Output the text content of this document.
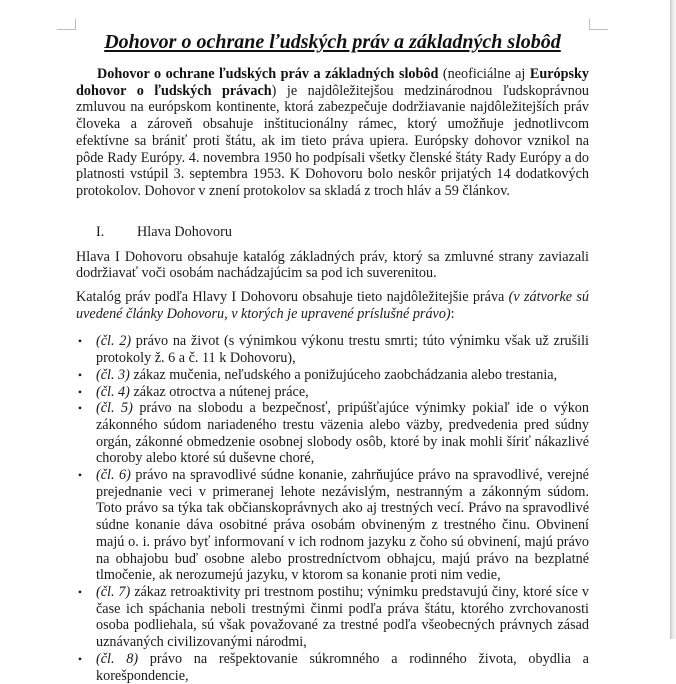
Dohovor o ochrane ľudských práv a základných slobôd

Dohovor o ochrane ľudských práv a základných slobôd (neoficiálne aj Európsky dohovor o ľudských právach) je najdôležitejšou medzinárodnou ľudskoprávnou zmluvou na európskom kontinente, ktorá zabezpečuje dodržiavanie najdôležitejších práv človeka a zároveň obsahuje inštitucionálny rámec, ktorý umožňuje jednotlivcom efektívne sa brániť proti štátu, ak im tieto práva upiera. Európsky dohovor vznikol na pôde Rady Európy. 4. novembra 1950 ho podpísali všetky členské štáty Rady Európy a do platnosti vstúpil 3. septembra 1953. K Dohovoru bolo neskôr prijatých 14 dodatkových protokolov. Dohovor v znení protokolov sa skladá z troch hláv a 59 článkov.

I. Hlava Dohovoru

Hlava I Dohovoru obsahuje katalóg základných práv, ktorý sa zmluvné strany zaviazali dodržiavať voči osobám nachádzajúcim sa pod ich suverenitou.

Katalóg práv podľa Hlavy I Dohovoru obsahuje tieto najdôležitejšie práva (v zátvorke sú uvedené články Dohovoru, v ktorých je upravené príslušné právo):

• (čl. 2) právo na život (s výnimkou výkonu trestu smrti; túto výnimku však už zrušili protokoly ž. 6 a č. 11 k Dohovoru),
• (čl. 3) zákaz mučenia, neľudského a ponižujúceho zaobchádzania alebo trestania,
• (čl. 4) zákaz otroctva a nútenej práce,
• (čl. 5) právo na slobodu a bezpečnosť, pripúšťajúce výnimky pokiaľ ide o výkon zákonného súdom nariadeného trestu väzenia alebo väzby, predvedenia pred súdny orgán, zákonné obmedzenie osobnej slobody osôb, ktoré by inak mohli šíriť nákazlivé choroby alebo ktoré sú duševne choré,
• (čl. 6) právo na spravodlivé súdne konanie, zahrňujúce právo na spravodlivé, verejné prejednanie veci v primeranej lehote nezávislým, nestranným a zákonným súdom. Toto právo sa týka tak občianskoprávnych ako aj trestných vecí. Právo na spravodlivé súdne konanie dáva osobitné práva osobám obvineným z trestného činu. Obvinení majú o. i. právo byť informovaní v ich rodnom jazyku z čoho sú obvinení, majú právo na obhajobu buď osobne alebo prostredníctvom obhajcu, majú právo na bezplatné tlmočenie, ak nerozumejú jazyku, v ktorom sa konanie proti nim vedie,
• (čl. 7) zákaz retroaktivity pri trestnom postihu; výnimku predstavujú činy, ktoré síce v čase ich spáchania neboli trestnými činmi podľa práva štátu, ktorého zvrchovanosti osoba podliehala, sú však považované za trestné podľa všeobecných právnych zásad uznávaných civilizovanými národmi,
• (čl. 8) právo na rešpektovanie súkromného a rodinného života, obydlia a korešpondencie,
